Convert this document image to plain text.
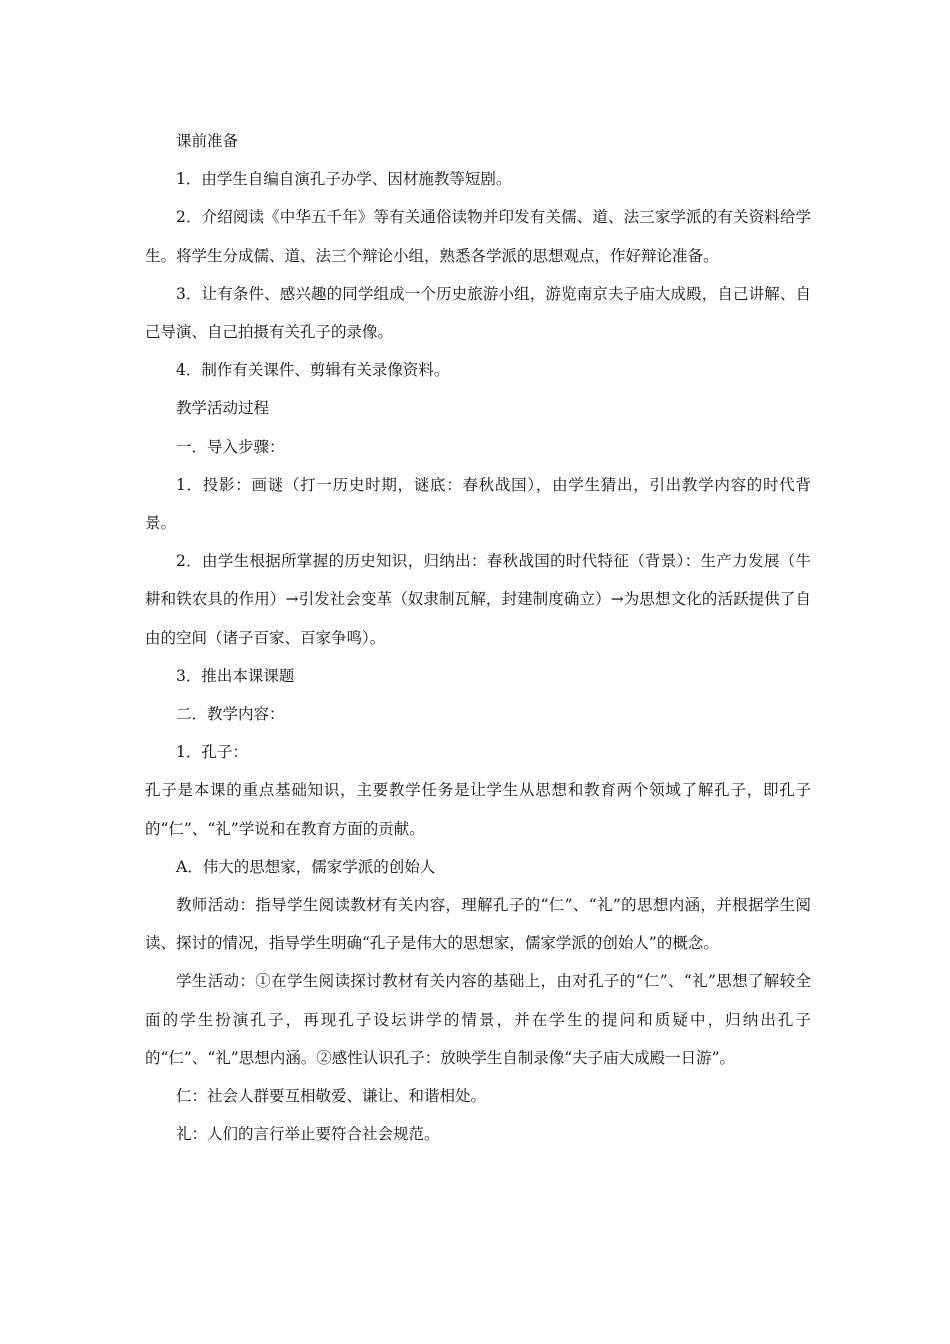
课前准备

1．由学生自编自演孔子办学、因材施教等短剧。

2．介绍阅读《中华五千年》等有关通俗读物并印发有关儒、道、法三家学派的有关资料给学生。将学生分成儒、道、法三个辩论小组，熟悉各学派的思想观点，作好辩论准备。

3．让有条件、感兴趣的同学组成一个历史旅游小组，游览南京夫子庙大成殿，自己讲解、自己导演、自己拍摄有关孔子的录像。

4．制作有关课件、剪辑有关录像资料。

教学活动过程

一．导入步骤：

1．投影：画谜（打一历史时期，谜底：春秋战国），由学生猜出，引出教学内容的时代背景。

2．由学生根据所掌握的历史知识，归纳出：春秋战国的时代特征（背景）：生产力发展（牛耕和铁农具的作用）→引发社会变革（奴隶制瓦解，封建制度确立）→为思想文化的活跃提供了自由的空间（诸子百家、百家争鸣）。

3．推出本课课题

二．教学内容：

1．孔子：

孔子是本课的重点基础知识，主要教学任务是让学生从思想和教育两个领域了解孔子，即孔子的“仁”、“礼”学说和在教育方面的贡献。

A．伟大的思想家，儒家学派的创始人

教师活动：指导学生阅读教材有关内容，理解孔子的“仁”、“礼”的思想内涵，并根据学生阅读、探讨的情况，指导学生明确“孔子是伟大的思想家，儒家学派的创始人”的概念。

学生活动：①在学生阅读探讨教材有关内容的基础上，由对孔子的“仁”、“礼”思想了解较全面的学生扮演孔子，再现孔子设坛讲学的情景，并在学生的提问和质疑中，归纳出孔子的“仁”、“礼”思想内涵。②感性认识孔子：放映学生自制录像“夫子庙大成殿一日游”。

仁：社会人群要互相敬爱、谦让、和谐相处。

礼：人们的言行举止要符合社会规范。
